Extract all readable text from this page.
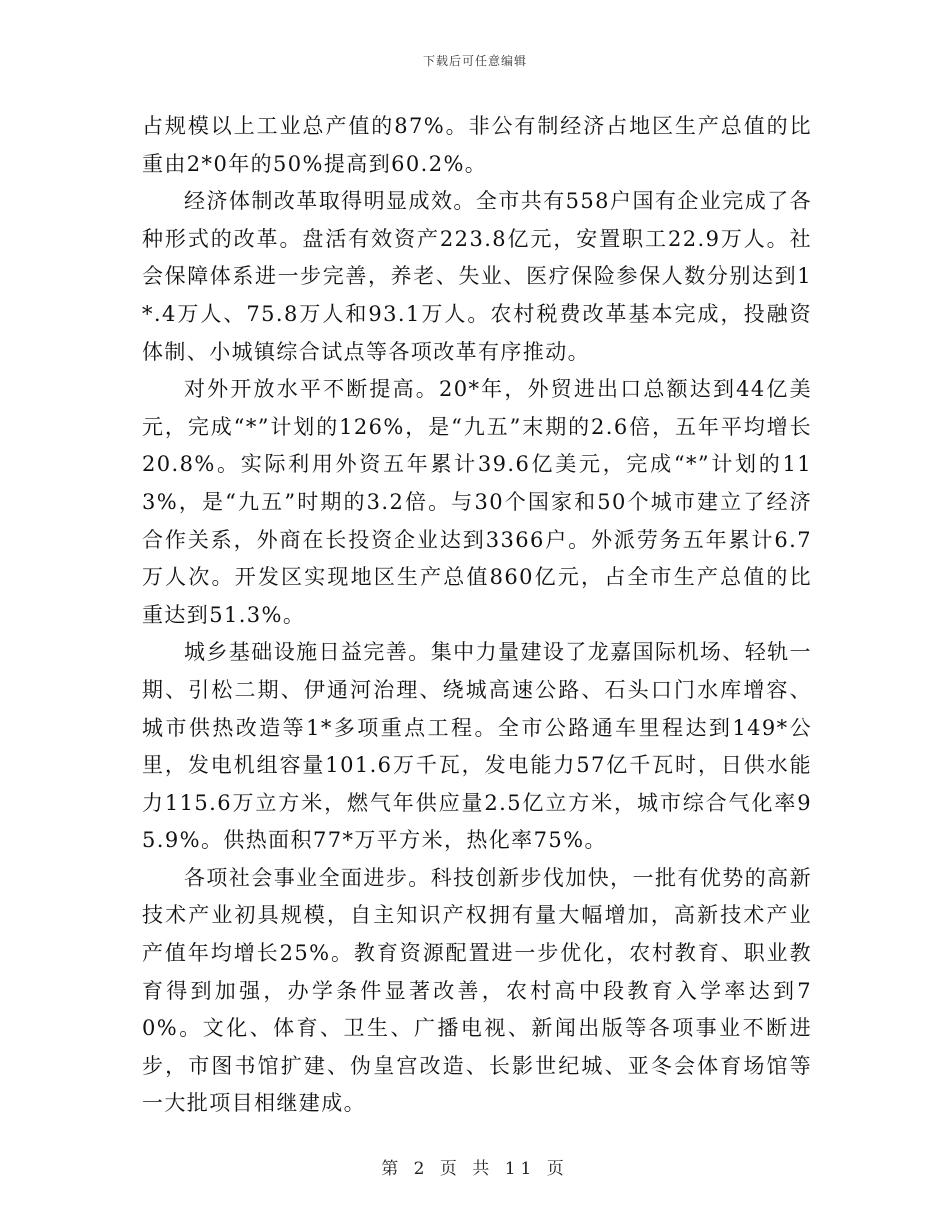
下载后可任意编辑

占规模以上工业总产值的87%。非公有制经济占地区生产总值的比重由2*0年的50%提高到60.2%。

经济体制改革取得明显成效。全市共有558户国有企业完成了各种形式的改革。盘活有效资产223.8亿元，安置职工22.9万人。社会保障体系进一步完善，养老、失业、医疗保险参保人数分别达到1*.4万人、75.8万人和93.1万人。农村税费改革基本完成，投融资体制、小城镇综合试点等各项改革有序推动。

对外开放水平不断提高。20*年，外贸进出口总额达到44亿美元，完成“*”计划的126%，是“九五”末期的2.6倍，五年平均增长20.8%。实际利用外资五年累计39.6亿美元，完成“*”计划的113%，是“九五”时期的3.2倍。与30个国家和50个城市建立了经济合作关系，外商在长投资企业达到3366户。外派劳务五年累计6.7万人次。开发区实现地区生产总值860亿元，占全市生产总值的比重达到51.3%。

城乡基础设施日益完善。集中力量建设了龙嘉国际机场、轻轨一期、引松二期、伊通河治理、绕城高速公路、石头口门水库增容、城市供热改造等1*多项重点工程。全市公路通车里程达到149*公里，发电机组容量101.6万千瓦，发电能力57亿千瓦时，日供水能力115.6万立方米，燃气年供应量2.5亿立方米，城市综合气化率95.9%。供热面积77*万平方米，热化率75%。

各项社会事业全面进步。科技创新步伐加快，一批有优势的高新技术产业初具规模，自主知识产权拥有量大幅增加，高新技术产业产值年均增长25%。教育资源配置进一步优化，农村教育、职业教育得到加强，办学条件显著改善，农村高中段教育入学率达到70%。文化、体育、卫生、广播电视、新闻出版等各项事业不断进步，市图书馆扩建、伪皇宫改造、长影世纪城、亚冬会体育场馆等一大批项目相继建成。

第 2 页 共 11 页
